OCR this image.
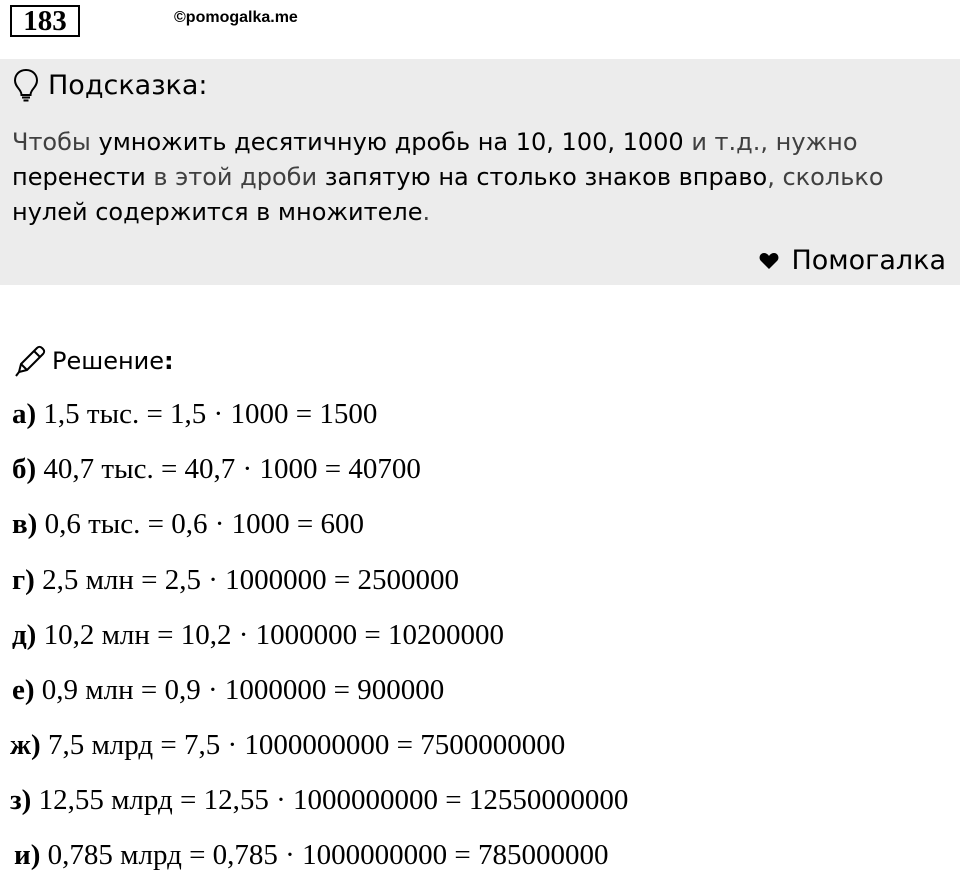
183	©pomogalka.me
Подсказка:
Чтобы умножить десятичную дробь на 10, 100, 1000 и т.д., нужно перенести в этой дроби запятую на столько знаков вправо, сколько нулей содержится в множителе.
Помогалка
Решение :
а) 1,5 тыс. = 1,5 · 1000 = 1500
б) 40,7 тыс. = 40,7 · 1000 = 40700
в) 0,6 тыс. = 0,6 · 1000 = 600
г) 2,5 млн = 2,5 · 1000000 = 2500000
д) 10,2 млн = 10,2 · 1000000 = 10200000
е) 0,9 млн = 0,9 · 1000000 = 900000
ж) 7,5 млрд = 7,5 · 1000000000 = 7500000000
з) 12,55 млрд = 12,55 · 1000000000 = 12550000000
и) 0,785 млрд = 0,785 · 1000000000 = 785000000
